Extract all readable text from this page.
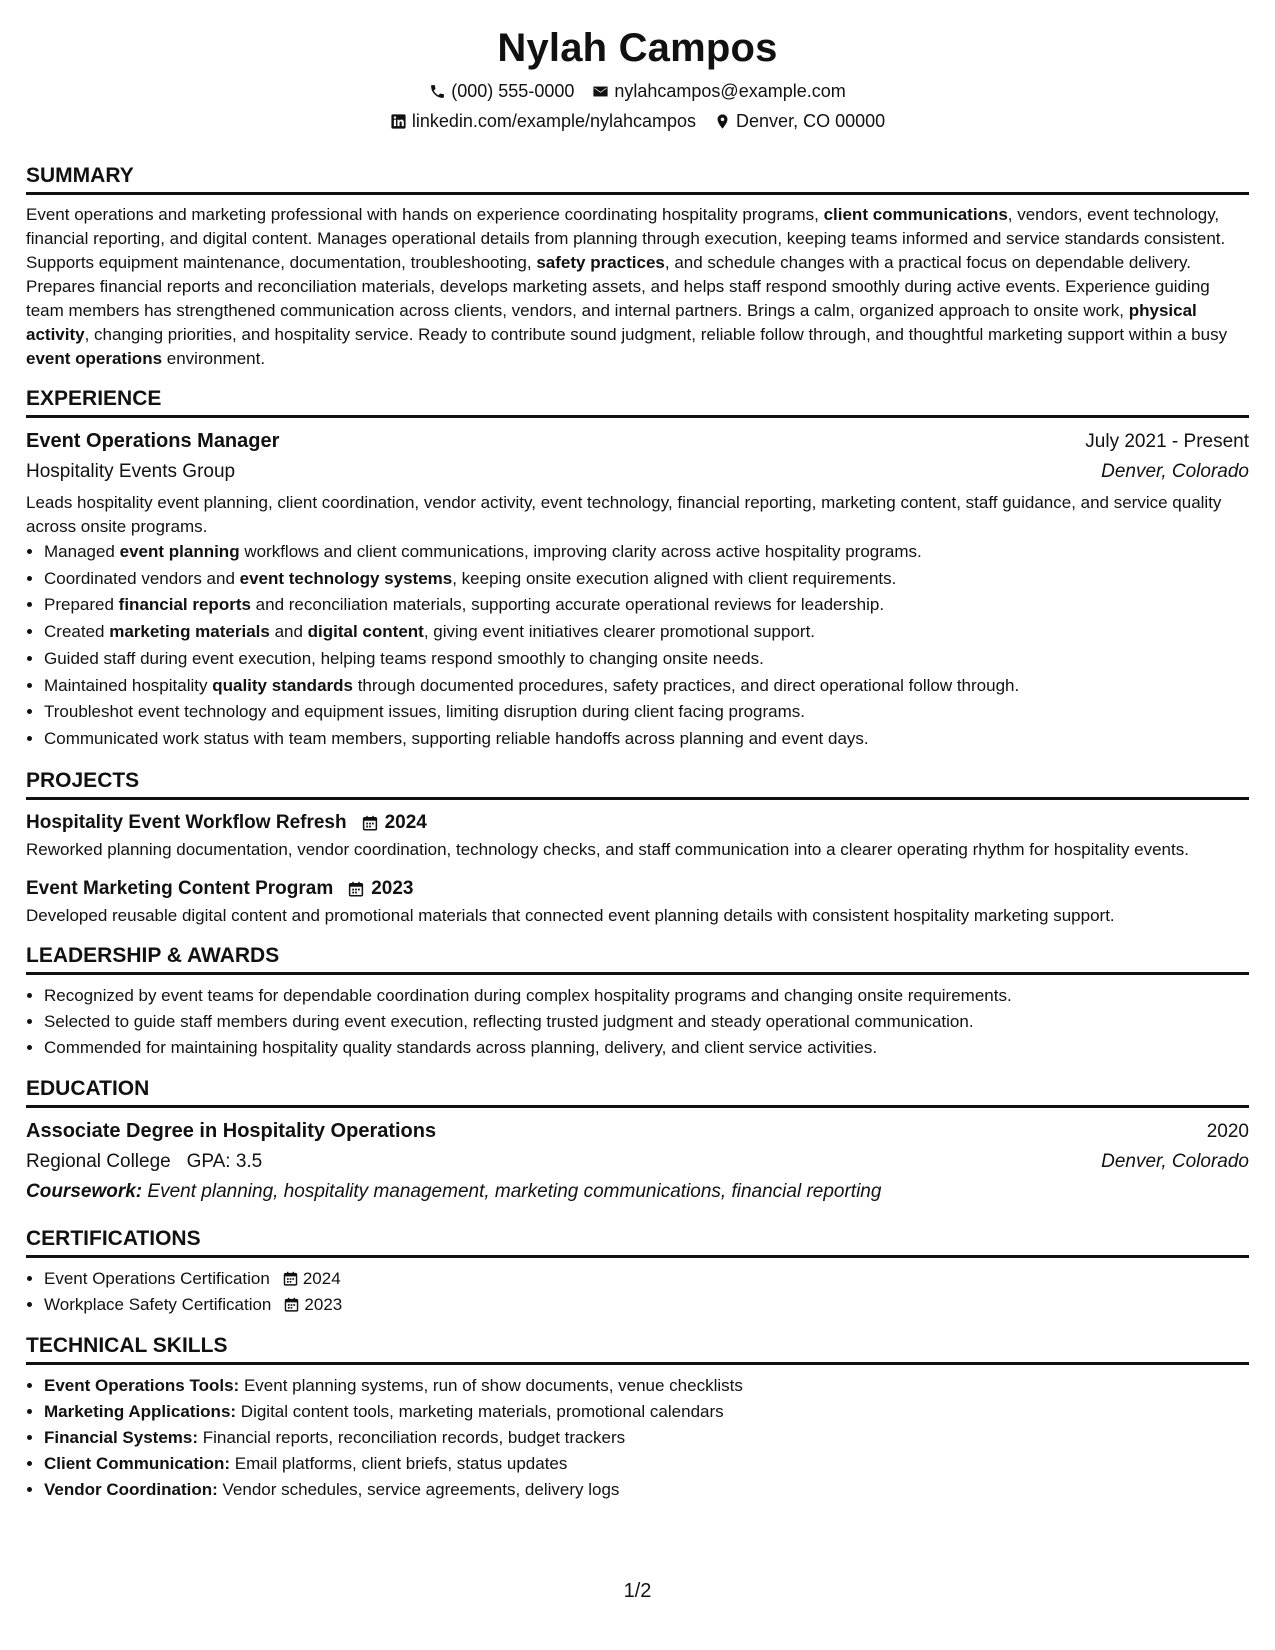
Nylah Campos
(000) 555-0000 nylahcampos@example.com
linkedin.com/example/nylahcampos Denver, CO 00000
SUMMARY

Event operations and marketing professional with hands on experience coordinating hospitality programs, client communications, vendors, event technology, financial reporting, and digital content. Manages operational details from planning through execution, keeping teams informed and service standards consistent. Supports equipment maintenance, documentation, troubleshooting, safety practices, and schedule changes with a practical focus on dependable delivery. Prepares financial reports and reconciliation materials, develops marketing assets, and helps staff respond smoothly during active events. Experience guiding team members has strengthened communication across clients, vendors, and internal partners. Brings a calm, organized approach to onsite work, physical activity, changing priorities, and hospitality service. Ready to contribute sound judgment, reliable follow through, and thoughtful marketing support within a busy event operations environment.

EXPERIENCE
Event Operations Manager	July 2021 - Present
Hospitality Events Group	Denver, Colorado

Leads hospitality event planning, client coordination, vendor activity, event technology, financial reporting, marketing content, staff guidance, and service quality across onsite programs.

• Managed event planning workflows and client communications, improving clarity across active hospitality programs.
• Coordinated vendors and event technology systems, keeping onsite execution aligned with client requirements.
• Prepared financial reports and reconciliation materials, supporting accurate operational reviews for leadership.
• Created marketing materials and digital content, giving event initiatives clearer promotional support.
• Guided staff during event execution, helping teams respond smoothly to changing onsite needs.
• Maintained hospitality quality standards through documented procedures, safety practices, and direct operational follow through.
• Troubleshot event technology and equipment issues, limiting disruption during client facing programs.
• Communicated work status with team members, supporting reliable handoffs across planning and event days.
PROJECTS
Hospitality Event Workflow Refresh 2024

Reworked planning documentation, vendor coordination, technology checks, and staff communication into a clearer operating rhythm for hospitality events.

Event Marketing Content Program 2023

Developed reusable digital content and promotional materials that connected event planning details with consistent hospitality marketing support.

LEADERSHIP & AWARDS
• Recognized by event teams for dependable coordination during complex hospitality programs and changing onsite requirements.
• Selected to guide staff members during event execution, reflecting trusted judgment and steady operational communication.
• Commended for maintaining hospitality quality standards across planning, delivery, and client service activities.
EDUCATION
Associate Degree in Hospitality Operations	2020
Regional College GPA: 3.5	Denver, Colorado
Coursework: Event planning, hospitality management, marketing communications, financial reporting
CERTIFICATIONS
• Event Operations Certification 2024
• Workplace Safety Certification 2023
TECHNICAL SKILLS
• Event Operations Tools: Event planning systems, run of show documents, venue checklists
• Marketing Applications: Digital content tools, marketing materials, promotional calendars
• Financial Systems: Financial reports, reconciliation records, budget trackers
• Client Communication: Email platforms, client briefs, status updates
• Vendor Coordination: Vendor schedules, service agreements, delivery logs
1/2
